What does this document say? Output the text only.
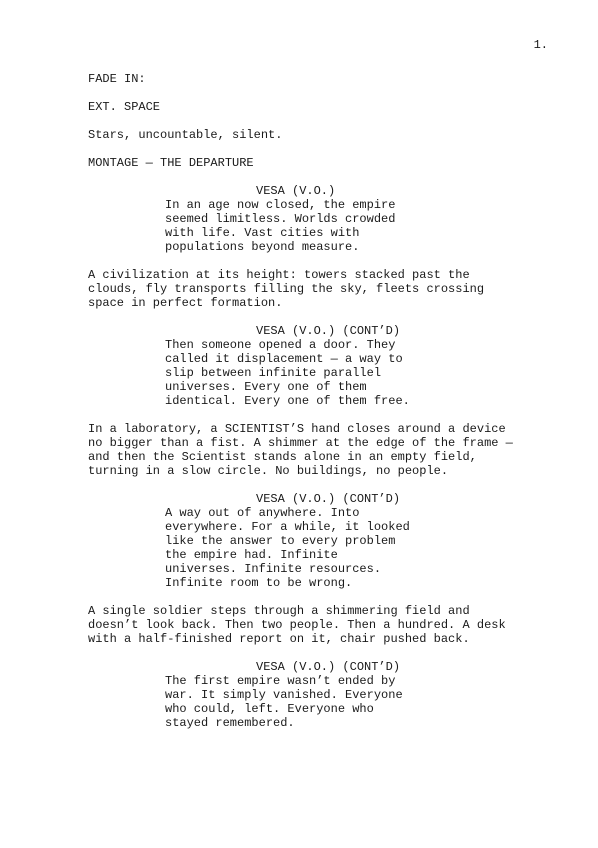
1.
FADE IN:
EXT. SPACE
Stars, uncountable, silent.
MONTAGE — THE DEPARTURE
VESA (V.O.)
In an age now closed, the empire
seemed limitless. Worlds crowded
with life. Vast cities with
populations beyond measure.
A civilization at its height: towers stacked past the
clouds, fly transports filling the sky, fleets crossing
space in perfect formation.
VESA (V.O.) (CONT’D)
Then someone opened a door. They
called it displacement — a way to
slip between infinite parallel
universes. Every one of them
identical. Every one of them free.
In a laboratory, a SCIENTIST’S hand closes around a device
no bigger than a fist. A shimmer at the edge of the frame —
and then the Scientist stands alone in an empty field,
turning in a slow circle. No buildings, no people.
VESA (V.O.) (CONT’D)
A way out of anywhere. Into
everywhere. For a while, it looked
like the answer to every problem
the empire had. Infinite
universes. Infinite resources.
Infinite room to be wrong.
A single soldier steps through a shimmering field and
doesn’t look back. Then two people. Then a hundred. A desk
with a half-finished report on it, chair pushed back.
VESA (V.O.) (CONT’D)
The first empire wasn’t ended by
war. It simply vanished. Everyone
who could, left. Everyone who
stayed remembered.
